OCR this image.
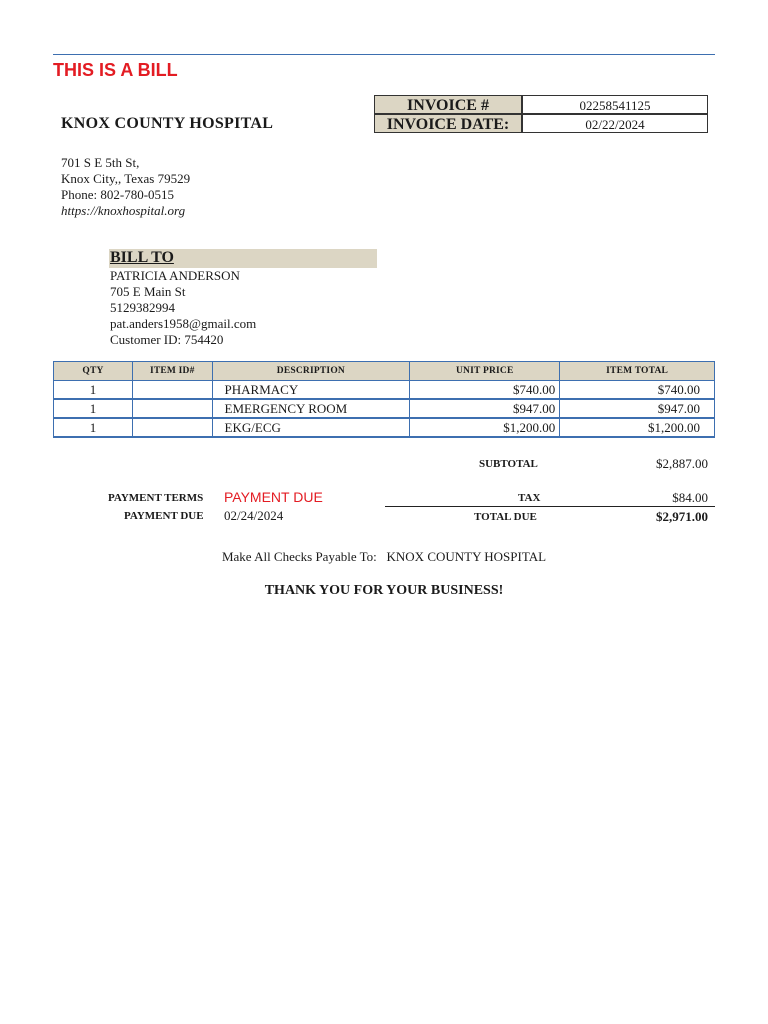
THIS IS A BILL
KNOX COUNTY HOSPITAL
701 S E 5th St,
Knox City,, Texas 79529
Phone: 802-780-0515
https://knoxhospital.org
INVOICE #	02258541125
INVOICE DATE:	02/22/2024
BILL TO
PATRICIA ANDERSON
705 E Main St
5129382994
pat.anders1958@gmail.com
Customer ID: 754420
QTY	ITEM ID#	DESCRIPTION	UNIT PRICE	ITEM TOTAL
1		PHARMACY	$740.00	$740.00
1		EMERGENCY ROOM	$947.00	$947.00
1		EKG/ECG	$1,200.00	$1,200.00
SUBTOTAL	$2,887.00
PAYMENT TERMS PAYMENT DUE
PAYMENT DUE 02/24/2024
TAX	$84.00
TOTAL DUE	$2,971.00
Make All Checks Payable To:   KNOX COUNTY HOSPITAL
THANK YOU FOR YOUR BUSINESS!
